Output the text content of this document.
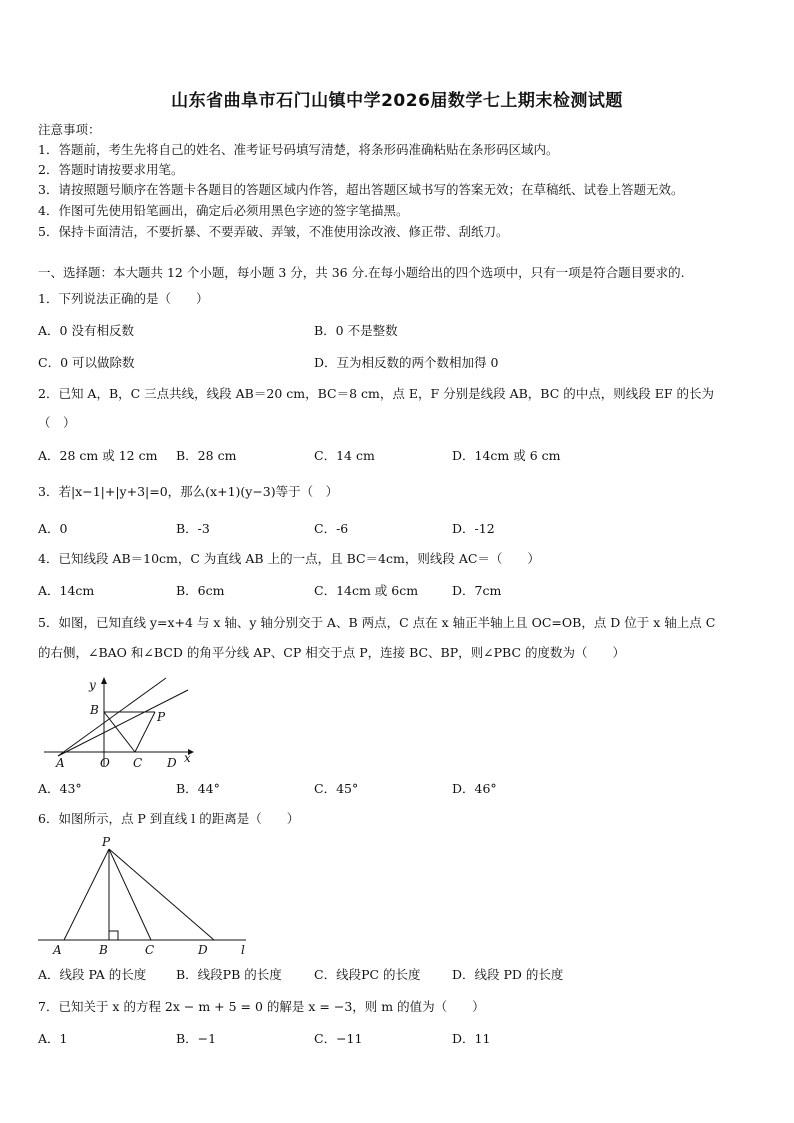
山东省曲阜市石门山镇中学2026届数学七上期末检测试题
注意事项：
1．答题前，考生先将自己的姓名、准考证号码填写清楚，将条形码准确粘贴在条形码区域内。
2．答题时请按要求用笔。
3．请按照题号顺序在答题卡各题目的答题区域内作答，超出答题区域书写的答案无效；在草稿纸、试卷上答题无效。
4．作图可先使用铅笔画出，确定后必须用黑色字迹的签字笔描黑。
5．保持卡面清洁，不要折暴、不要弄破、弄皱，不准使用涂改液、修正带、刮纸刀。
一、选择题：本大题共 12 个小题，每小题 3 分，共 36 分.在每小题给出的四个选项中，只有一项是符合题目要求的.
1．下列说法正确的是（　　）
A．0 没有相反数	B．0 不是整数
C．0 可以做除数	D．互为相反数的两个数相加得 0
2．已知 A，B，C 三点共线，线段 AB＝20 cm，BC＝8 cm，点 E，F 分别是线段 AB，BC 的中点，则线段 EF 的长为
（　）
A．28 cm 或 12 cm B．28 cm	C．14 cm	D．14cm 或 6 cm
3．若|x−1|+|y+3|=0，那么(x+1)(y−3)等于（　）
A．0	B．-3	C．-6	D．-12
4．已知线段 AB＝10cm，C 为直线 AB 上的一点，且 BC＝4cm，则线段 AC＝（　　）
A．14cm	B．6cm	C．14cm 或 6cm	D．7cm
5．如图，已知直线 y=x+4 与 x 轴、y 轴分别交于 A、B 两点，C 点在 x 轴正半轴上且 OC=OB，点 D 位于 x 轴上点 C
的右侧，∠BAO 和∠BCD 的角平分线 AP、CP 相交于点 P，连接 BC、BP，则∠PBC 的度数为（　　）
y
B	P
A	O C D x
A．43°	B．44°	C．45°	D．46°
6．如图所示，点 P 到直线 l 的距离是（　　）
P
A	B	C	D	l
A．线段 PA 的长度 B．线段PB 的长度	C．线段PC 的长度	D．线段 PD 的长度
7．已知关于 x 的方程 2x − m + 5 = 0 的解是 x = −3，则 m 的值为（　　）
A．1	B．−1	C．−11	D．11
